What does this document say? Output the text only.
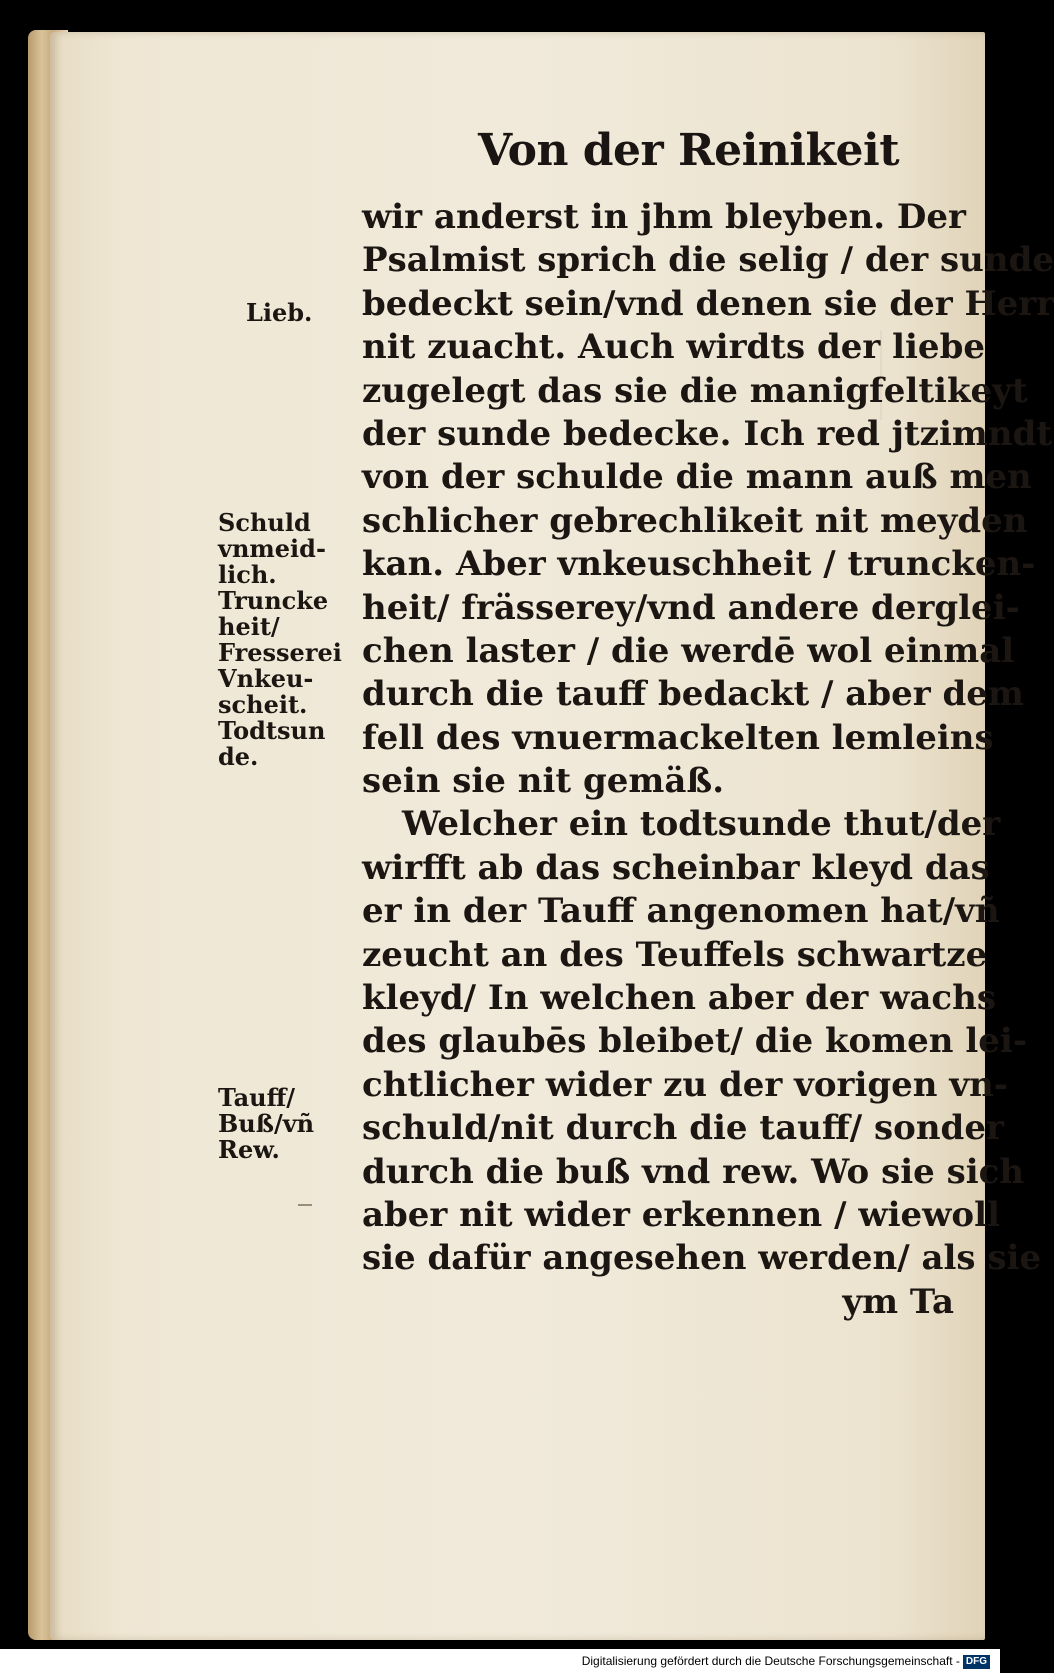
Von der Reinikeit
Lieb.
Schuld
vnmeid-
lich.
Truncke
heit/
Fresserei
Vnkeu-
scheit.
Todtsun
de.
Tauff/
Buß/vñ
Rew.
wir anderst in jhm bleyben. Der
Psalmist sprich die selig / der sunde
bedeckt sein/vnd denen sie der Herr
nit zuacht. Auch wirdts der liebe
zugelegt das sie die manigfeltikeyt
der sunde bedecke. Ich red jtzimndt
von der schulde die mann auß men
schlicher gebrechlikeit nit meyden
kan. Aber vnkeuschheit / truncken-
heit/ frässerey/vnd andere derglei-
chen laster / die werdē wol einmal
durch die tauff bedackt / aber dem
fell des vnuermackelten lemleins
sein sie nit gemäß.
Welcher ein todtsunde thut/der
wirfft ab das scheinbar kleyd das
er in der Tauff angenomen hat/vñ
zeucht an des Teuffels schwartze
kleyd/ In welchen aber der wachs
des glaubēs bleibet/ die komen lei-
chtlicher wider zu der vorigen vn-
schuld/nit durch die tauff/ sonder
durch die buß vnd rew. Wo sie sich
aber nit wider erkennen / wiewoll
sie dafür angesehen werden/ als sie
ym Ta
Digitalisierung gefördert durch die Deutsche Forschungsgemeinschaft - DFG
